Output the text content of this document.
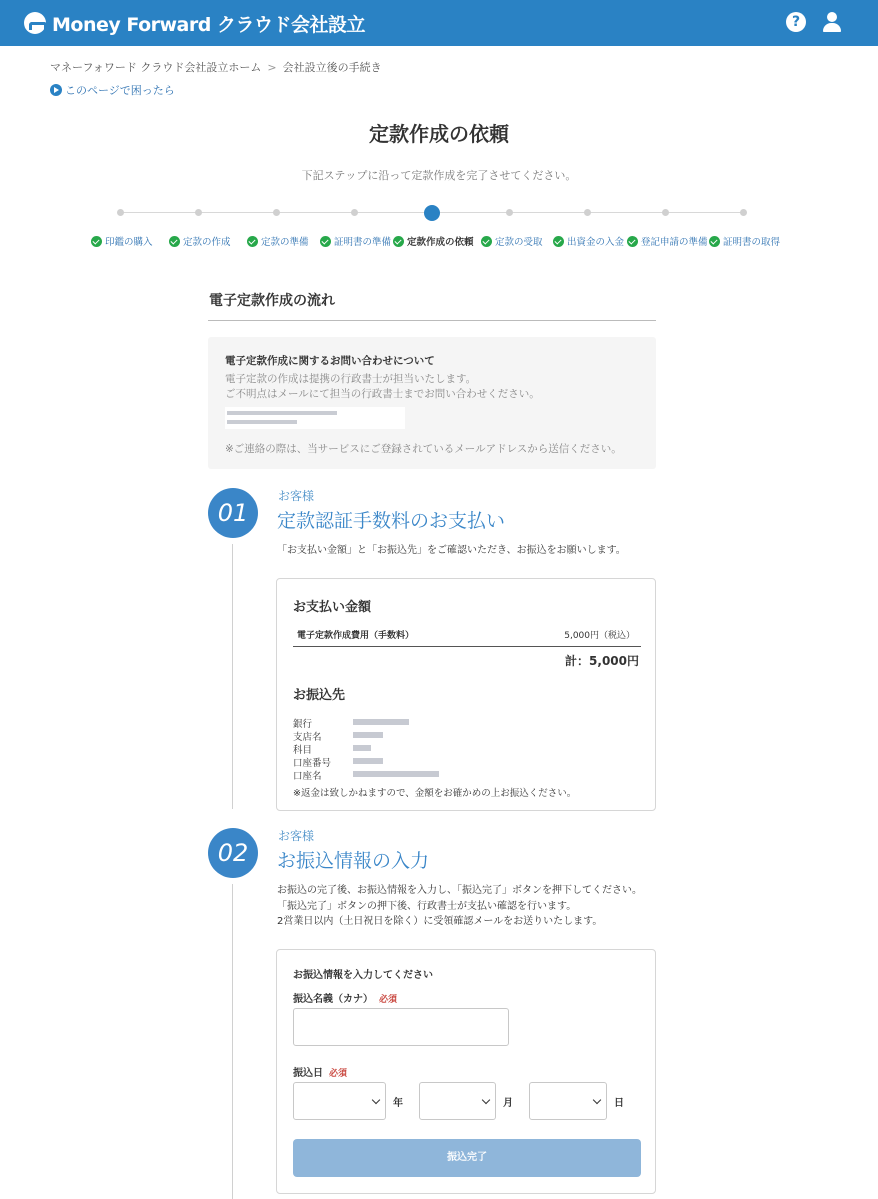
Money Forward クラウド会社設立	?
マネーフォワード クラウド会社設立ホーム > 会社設立後の手続き
このページで困ったら
定款作成の依頼
下記ステップに沿って定款作成を完了させてください。
印鑑の購入	定款の作成	定款の準備	証明書の準備 定款作成の依頼 定款の受取	出資金の入金 登記申請の準備 証明書の取得
電子定款作成の流れ
電子定款作成に関するお問い合わせについて
電子定款の作成は提携の行政書士が担当いたします。
ご不明点はメールにて担当の行政書士までお問い合わせください。
※ご連絡の際は、当サービスにご登録されているメールアドレスから送信ください。
01
お客様
定款認証手数料のお支払い
「お支払い金額」と「お振込先」をご確認いただき、お振込をお願いします。
お支払い金額
電子定款作成費用（手数料）	5,000円（税込）
計：5,000円
お振込先
銀行
支店名
科目
口座番号
口座名
※返金は致しかねますので、金額をお確かめの上お振込ください。
02
お客様
お振込情報の入力
お振込の完了後、お振込情報を入力し、「振込完了」ボタンを押下してください。
「振込完了」ボタンの押下後、行政書士が支払い確認を行います。
2営業日以内（土日祝日を除く）に受領確認メールをお送りいたします。
お振込情報を入力してください
振込名義（カナ） 必須
振込日 必須
年	月	日
振込完了
